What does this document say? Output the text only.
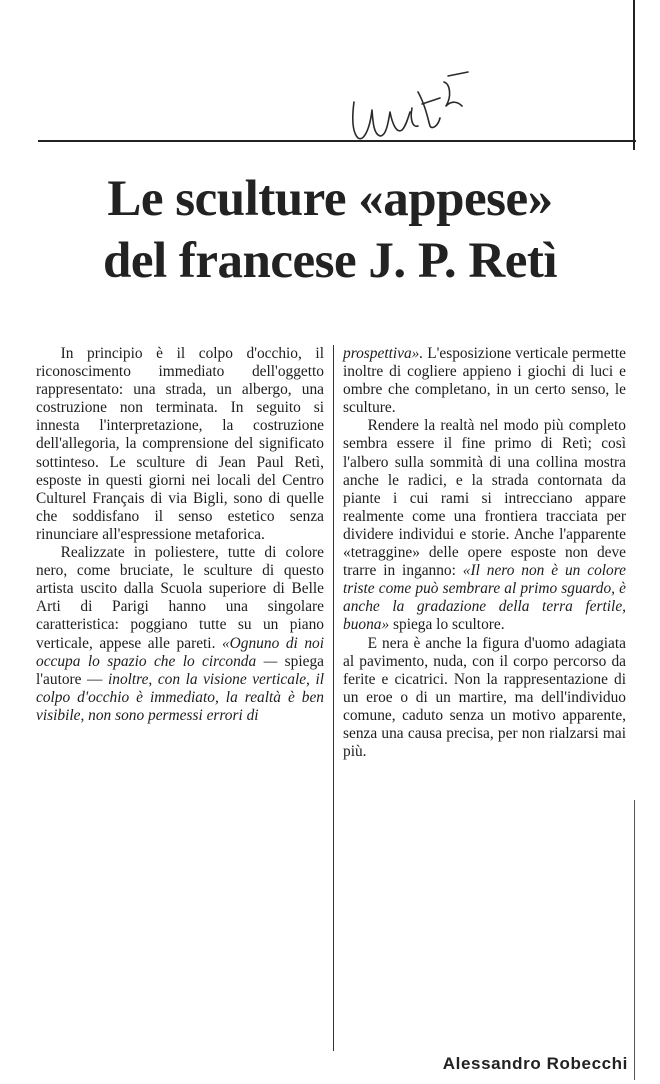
Le sculture «appese»
del francese J. P. Retì

In principio è il colpo d'occhio, il riconoscimento immediato dell'oggetto rappresentato: una strada, un albergo, una costruzione non terminata. In seguito si innesta l'interpretazione, la costruzione dell'allegoria, la comprensione del significato sottinteso. Le sculture di Jean Paul Retì, esposte in questi giorni nei locali del Centro Culturel Français di via Bigli, sono di quelle che soddisfano il senso estetico senza rinunciare all'espressione metaforica.

Realizzate in poliestere, tutte di colore nero, come bruciate, le sculture di questo artista uscito dalla Scuola superiore di Belle Arti di Parigi hanno una singolare caratteristica: poggiano tutte su un piano verticale, appese alle pareti. «Ognuno di noi occupa lo spazio che lo circonda — spiega l'autore — inoltre, con la visione verticale, il colpo d'occhio è immediato, la realtà è ben visibile, non sono permessi errori di

prospettiva». L'esposizione verticale permette inoltre di cogliere appieno i giochi di luci e ombre che completano, in un certo senso, le sculture.

Rendere la realtà nel modo più completo sembra essere il fine primo di Retì; così l'albero sulla sommità di una collina mostra anche le radici, e la strada contornata da piante i cui rami si intrecciano appare realmente come una frontiera tracciata per dividere individui e storie. Anche l'apparente «tetraggine» delle opere esposte non deve trarre in inganno: «Il nero non è un colore triste come può sembrare al primo sguardo, è anche la gradazione della terra fertile, buona» spiega lo scultore.

E nera è anche la figura d'uomo adagiata al pavimento, nuda, con il corpo percorso da ferite e cicatrici. Non la rappresentazione di un eroe o di un martire, ma dell'individuo comune, caduto senza un motivo apparente, senza una causa precisa, per non rialzarsi mai più.

Alessandro Robecchi
